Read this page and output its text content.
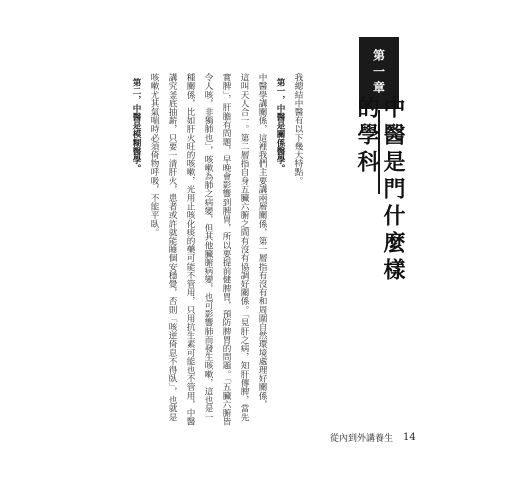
第一章
中醫是門什麼樣的學科
我總結中醫有以下幾大特點。
第一，中醫是關係醫學。
中醫學講關係，這裡我們主要講兩層關係，第一層指有沒有和周圍自然環境處理好關係，
這叫天人合一。第二層指自身五臟六腑之間有沒有協調好關係。「見肝之病，知肝傳脾，當先
實脾」，肝膽有問題，早晚會影響到脾胃，所以要提前健脾胃，預防脾胃的問題。「五臟六腑皆
令人咳，非獨肺也」，咳嗽為肺之病變，但其他臟腑病變，也可影響肺而發生咳嗽，這也是一
種關係，比如肝火旺的咳嗽，光用止咳化痰的藥可能不管用，只用抗生素可能也不管用，中醫
講究釜底抽薪，只要一清肝火，患者或許就能睡個安穩覺，否則「咳逆倚息不得臥」，也就是
咳嗽尤其氣喘時必須倚物呼吸，不能平臥。
第二，中醫是模糊醫學。
從內到外講養生 14
